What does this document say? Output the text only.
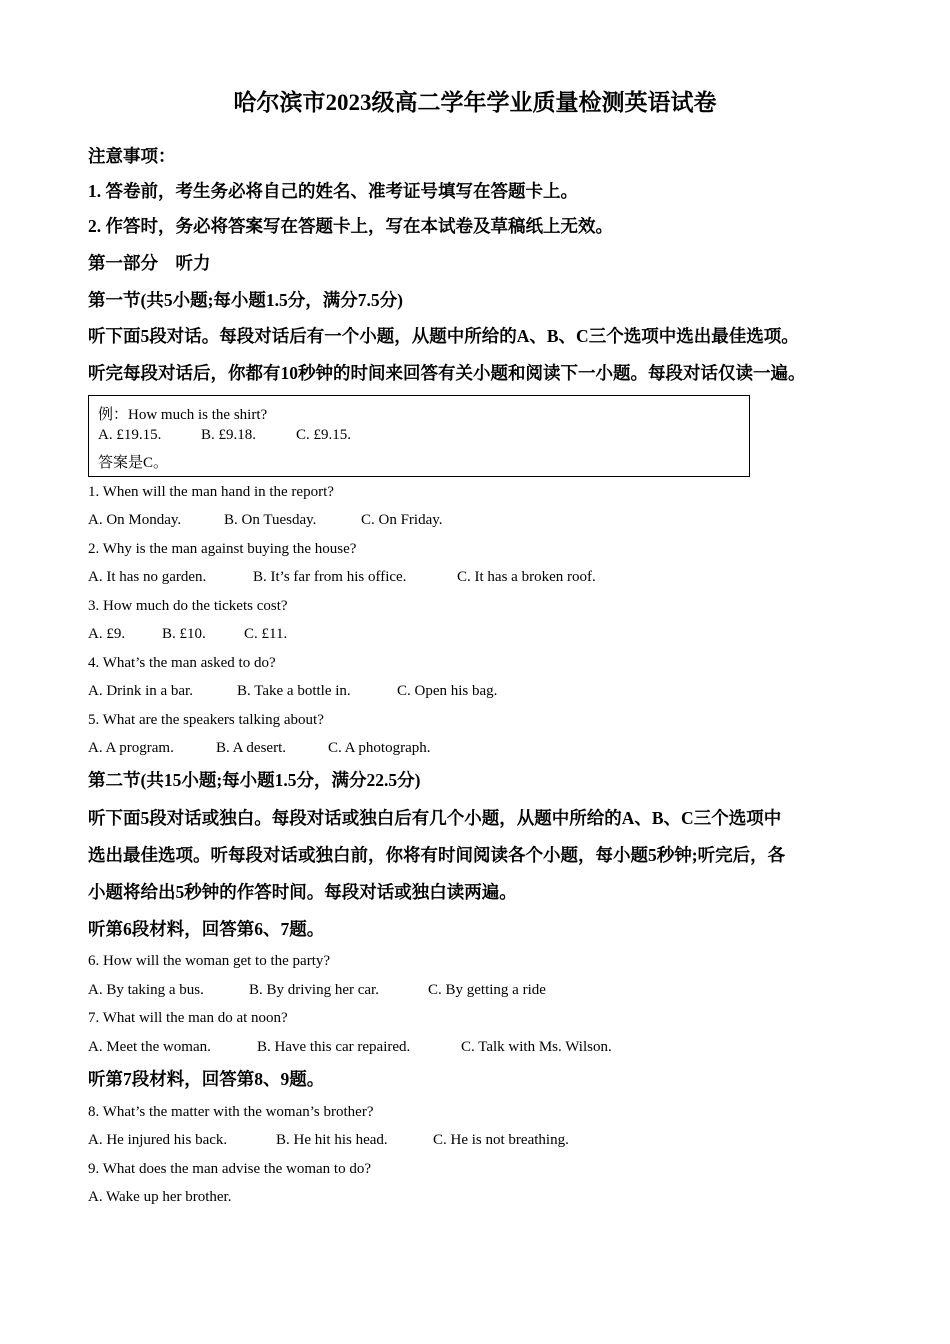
哈尔滨市2023级高二学年学业质量检测英语试卷
注意事项：
1. 答卷前，考生务必将自己的姓名、准考证号填写在答题卡上。
2. 作答时，务必将答案写在答题卡上，写在本试卷及草稿纸上无效。
第一部分　听力
第一节(共5小题;每小题1.5分，满分7.5分)
听下面5段对话。每段对话后有一个小题，从题中所给的A、B、C三个选项中选出最佳选项。
听完每段对话后，你都有10秒钟的时间来回答有关小题和阅读下一小题。每段对话仅读一遍。
例：How much is the shirt?
A. £19.15.	B. £9.18.	C. £9.15.
答案是C。
1. When will the man hand in the report?
A. On Monday.	B. On Tuesday.	C. On Friday.
2. Why is the man against buying the house?
A. It has no garden.	B. It’s far from his office.	C. It has a broken roof.
3. How much do the tickets cost?
A. £9. B. £10.	C. £11.
4. What’s the man asked to do?
A. Drink in a bar.	B. Take a bottle in.	C. Open his bag.
5. What are the speakers talking about?
A. A program.	B. A desert.	C. A photograph.
第二节(共15小题;每小题1.5分，满分22.5分)
听下面5段对话或独白。每段对话或独白后有几个小题，从题中所给的A、B、C三个选项中
选出最佳选项。听每段对话或独白前，你将有时间阅读各个小题，每小题5秒钟;听完后，各
小题将给出5秒钟的作答时间。每段对话或独白读两遍。
听第6段材料，回答第6、7题。
6. How will the woman get to the party?
A. By taking a bus.	B. By driving her car.	C. By getting a ride
7. What will the man do at noon?
A. Meet the woman.	B. Have this car repaired.	C. Talk with Ms. Wilson.
听第7段材料，回答第8、9题。
8. What’s the matter with the woman’s brother?
A. He injured his back.	B. He hit his head.	C. He is not breathing.
9. What does the man advise the woman to do?
A. Wake up her brother.
